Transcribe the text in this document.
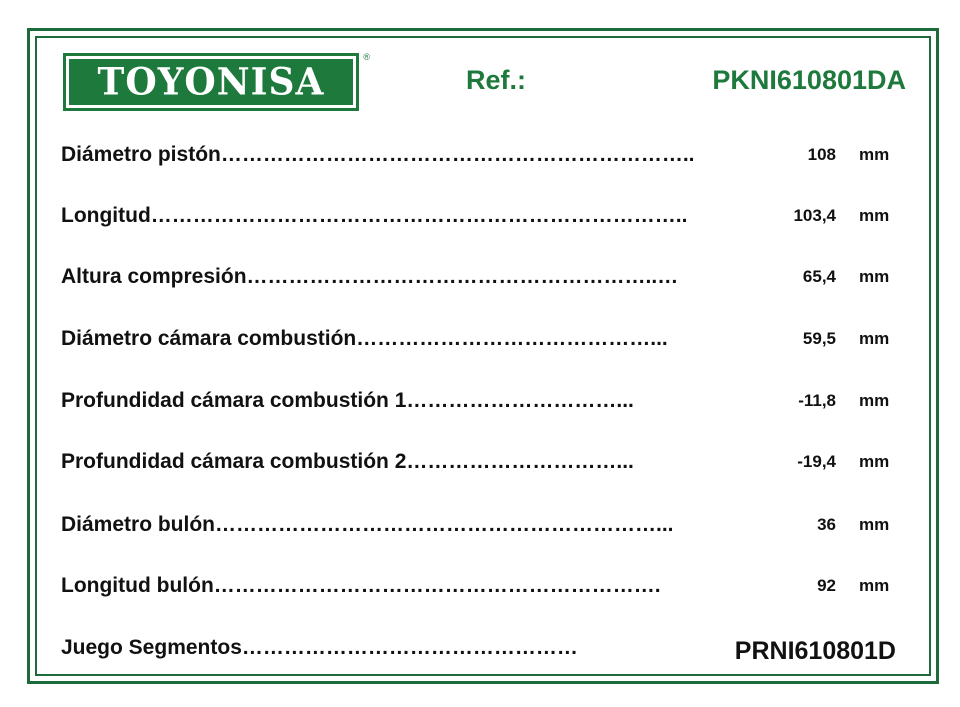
TOYONISA
®
Ref.:	PKNI610801DA
Diámetro pistón…………………………………………………………..	108 mm
Longitud…………………………………………………………………..	103,4 mm
Altura compresión…………………………………………………..…	65,4 mm
Diámetro cámara combustión……………………………………...	59,5 mm
Profundidad cámara combustión 1…………………………...	-11,8 mm
Profundidad cámara combustión 2…………………………...	-19,4 mm
Diámetro bulón………………………………………………………...	36 mm
Longitud bulón……………………………………………………….	92 mm
Juego Segmentos…………………………………………	PRNI610801D
